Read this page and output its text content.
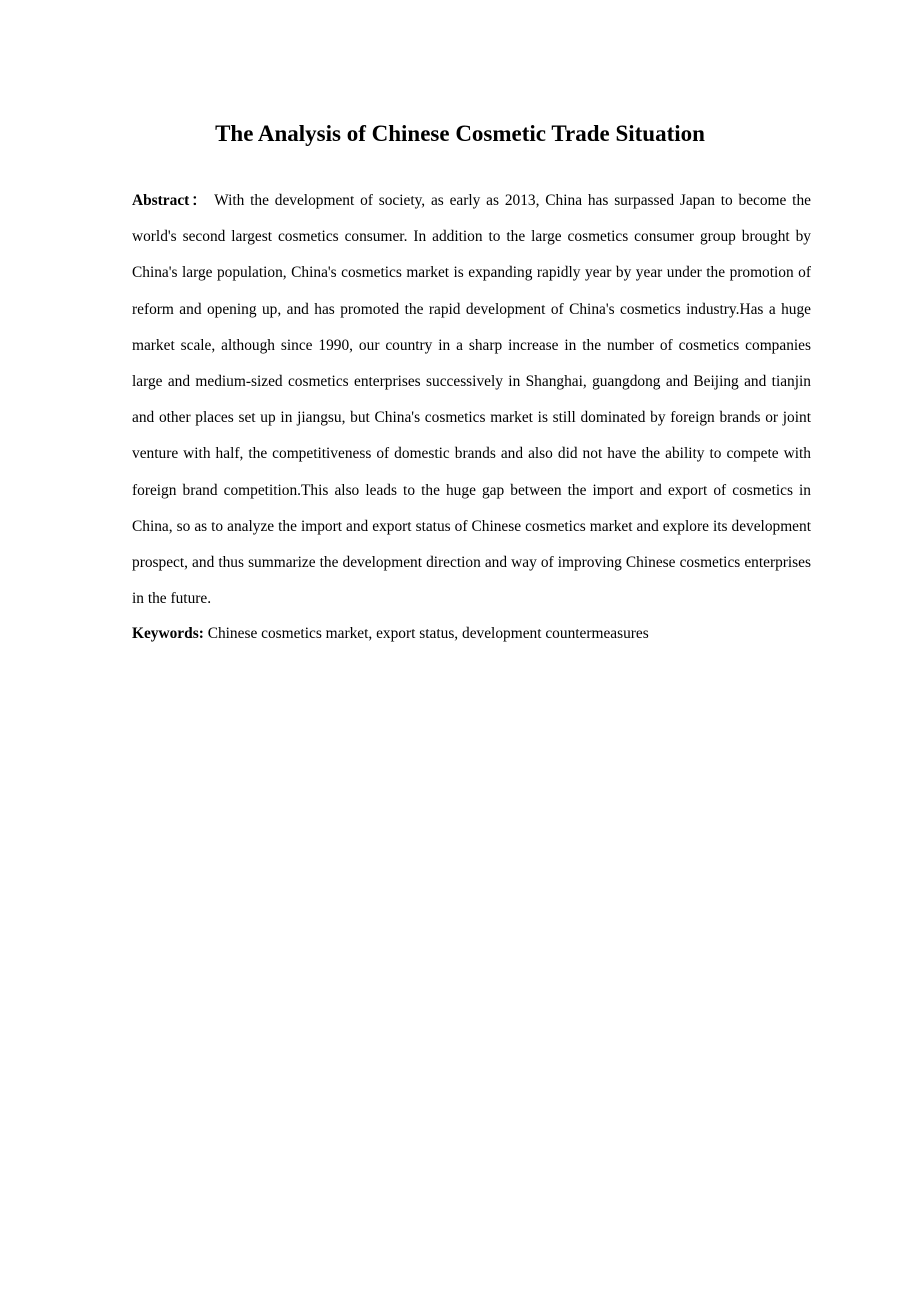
The Analysis of Chinese Cosmetic Trade Situation

Abstract： With the development of society, as early as 2013, China has surpassed Japan to become the world's second largest cosmetics consumer. In addition to the large cosmetics consumer group brought by China's large population, China's cosmetics market is expanding rapidly year by year under the promotion of reform and opening up, and has promoted the rapid development of China's cosmetics industry.Has a huge market scale, although since 1990, our country in a sharp increase in the number of cosmetics companies large and medium-sized cosmetics enterprises successively in Shanghai, guangdong and Beijing and tianjin and other places set up in jiangsu, but China's cosmetics market is still dominated by foreign brands or joint venture with half, the competitiveness of domestic brands and also did not have the ability to compete with foreign brand competition.This also leads to the huge gap between the import and export of cosmetics in China, so as to analyze the import and export status of Chinese cosmetics market and explore its development prospect, and thus summarize the development direction and way of improving Chinese cosmetics enterprises in the future.

Keywords: Chinese cosmetics market, export status, development countermeasures
